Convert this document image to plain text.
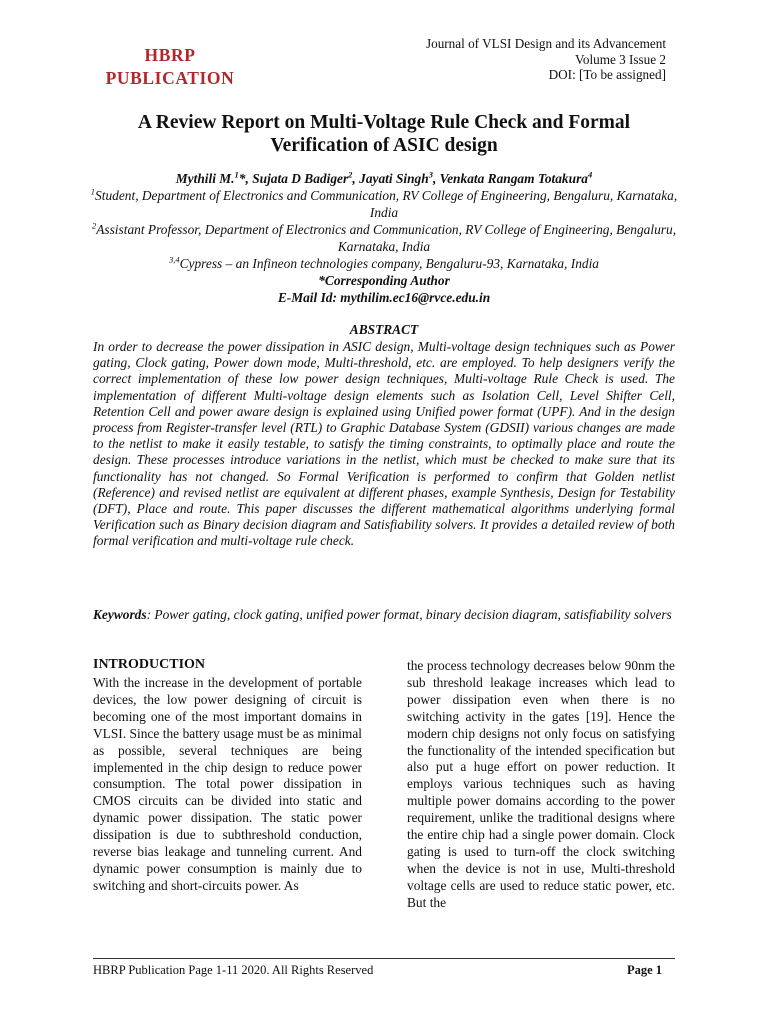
HBRP
PUBLICATION
Journal of VLSI Design and its Advancement
Volume 3 Issue 2
DOI: [To be assigned]
A Review Report on Multi-Voltage Rule Check and Formal
Verification of ASIC design
Mythili M.$^1$*, Sujata D Badiger$^2$, Jayati Singh$^3$, Venkata Rangam Totakura$^4$
$^1$Student, Department of Electronics and Communication, RV College of Engineering, Bengaluru, Karnataka, India
$^2$Assistant Professor, Department of Electronics and Communication, RV College of Engineering, Bengaluru, Karnataka, India
$^{3,4}$Cypress – an Infineon technologies company, Bengaluru-93, Karnataka, India
*Corresponding Author
E-Mail Id: mythilim.ec16@rvce.edu.in
ABSTRACT
In order to decrease the power dissipation in ASIC design, Multi-voltage design techniques such as Power gating, Clock gating, Power down mode, Multi-threshold, etc. are employed. To help designers verify the correct implementation of these low power design techniques, Multi-voltage Rule Check is used. The implementation of different Multi-voltage design elements such as Isolation Cell, Level Shifter Cell, Retention Cell and power aware design is explained using Unified power format (UPF). And in the design process from Register-transfer level (RTL) to Graphic Database System (GDSII) various changes are made to the netlist to make it easily testable, to satisfy the timing constraints, to optimally place and route the design. These processes introduce variations in the netlist, which must be checked to make sure that its functionality has not changed. So Formal Verification is performed to confirm that Golden netlist (Reference) and revised netlist are equivalent at different phases, example Synthesis, Design for Testability (DFT), Place and route. This paper discusses the different mathematical algorithms underlying formal Verification such as Binary decision diagram and Satisfiability solvers. It provides a detailed review of both formal verification and multi-voltage rule check.
Keywords: Power gating, clock gating, unified power format, binary decision diagram, satisfiability solvers
INTRODUCTION
With the increase in the development of portable devices, the low power designing of circuit is becoming one of the most important domains in VLSI. Since the battery usage must be as minimal as possible, several techniques are being implemented in the chip design to reduce power consumption. The total power dissipation in CMOS circuits can be divided into static and dynamic power dissipation. The static power dissipation is due to subthreshold conduction, reverse bias leakage and tunneling current. And dynamic power consumption is mainly due to switching and short-circuits power. As
the process technology decreases below 90nm the sub threshold leakage increases which lead to power dissipation even when there is no switching activity in the gates [19]. Hence the modern chip designs not only focus on satisfying the functionality of the intended specification but also put a huge effort on power reduction. It employs various techniques such as having multiple power domains according to the power requirement, unlike the traditional designs where the entire chip had a single power domain. Clock gating is used to turn-off the clock switching when the device is not in use, Multi-threshold voltage cells are used to reduce static power, etc. But the
HBRP Publication Page 1-11 2020. All Rights Reserved	Page 1
